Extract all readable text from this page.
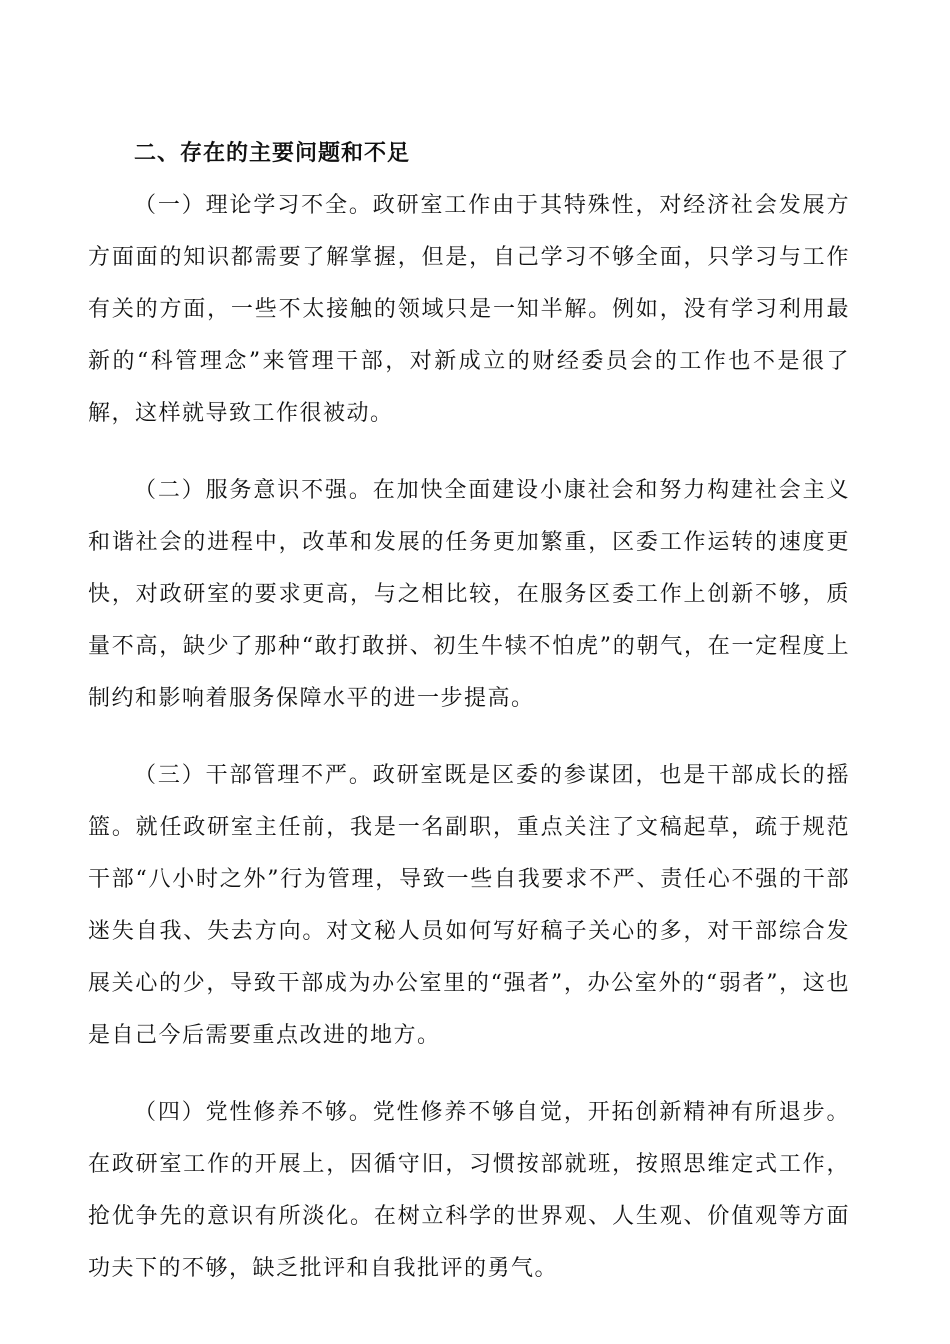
二、存在的主要问题和不足

（一）理论学习不全。政研室工作由于其特殊性，对经济社会发展方方面面的知识都需要了解掌握，但是，自己学习不够全面，只学习与工作有关的方面，一些不太接触的领域只是一知半解。例如，没有学习利用最新的“科管理念”来管理干部，对新成立的财经委员会的工作也不是很了解，这样就导致工作很被动。

（二）服务意识不强。在加快全面建设小康社会和努力构建社会主义和谐社会的进程中，改革和发展的任务更加繁重，区委工作运转的速度更快，对政研室的要求更高，与之相比较，在服务区委工作上创新不够，质量不高，缺少了那种“敢打敢拼、初生牛犊不怕虎”的朝气，在一定程度上制约和影响着服务保障水平的进一步提高。

（三）干部管理不严。政研室既是区委的参谋团，也是干部成长的摇篮。就任政研室主任前，我是一名副职，重点关注了文稿起草，疏于规范干部“八小时之外”行为管理，导致一些自我要求不严、责任心不强的干部迷失自我、失去方向。对文秘人员如何写好稿子关心的多，对干部综合发展关心的少，导致干部成为办公室里的“强者”，办公室外的“弱者”，这也是自己今后需要重点改进的地方。

（四）党性修养不够。党性修养不够自觉，开拓创新精神有所退步。在政研室工作的开展上，因循守旧，习惯按部就班，按照思维定式工作，抢优争先的意识有所淡化。在树立科学的世界观、人生观、价值观等方面功夫下的不够，缺乏批评和自我批评的勇气。
